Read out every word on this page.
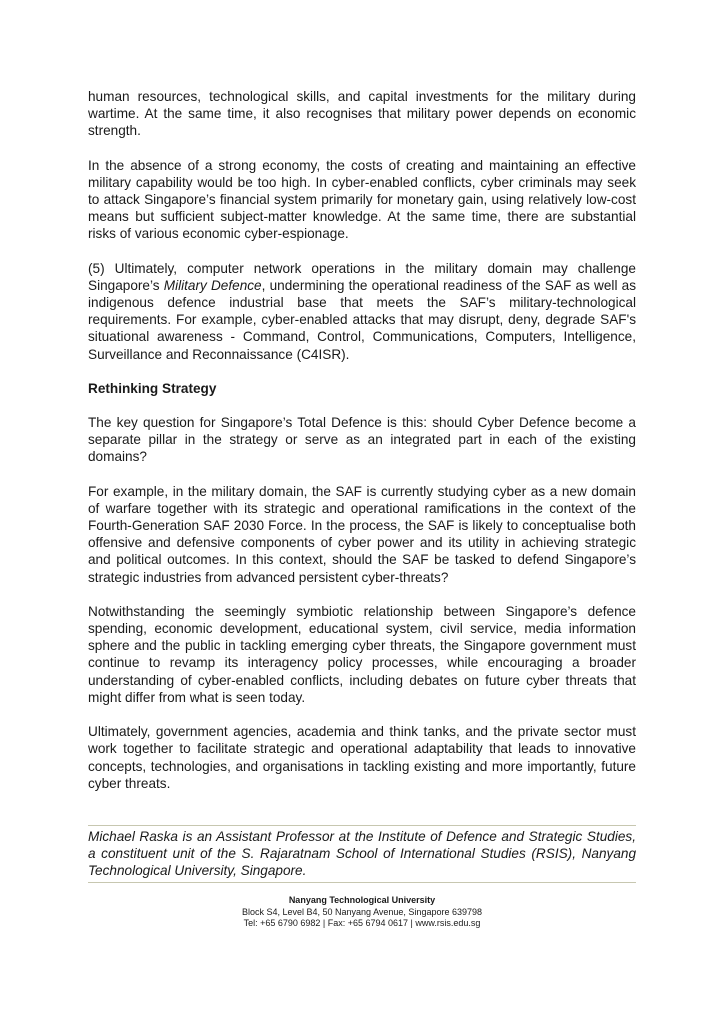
human resources, technological skills, and capital investments for the military during wartime. At the same time, it also recognises that military power depends on economic strength.

In the absence of a strong economy, the costs of creating and maintaining an effective military capability would be too high. In cyber-enabled conflicts, cyber criminals may seek to attack Singapore’s financial system primarily for monetary gain, using relatively low-cost means but sufficient subject-matter knowledge. At the same time, there are substantial risks of various economic cyber-espionage.

(5) Ultimately, computer network operations in the military domain may challenge Singapore’s Military Defence, undermining the operational readiness of the SAF as well as indigenous defence industrial base that meets the SAF’s military-technological requirements. For example, cyber-enabled attacks that may disrupt, deny, degrade SAF's situational awareness - Command, Control, Communications, Computers, Intelligence, Surveillance and Reconnaissance (C4ISR).

Rethinking Strategy

The key question for Singapore’s Total Defence is this: should Cyber Defence become a separate pillar in the strategy or serve as an integrated part in each of the existing domains?

For example, in the military domain, the SAF is currently studying cyber as a new domain of warfare together with its strategic and operational ramifications in the context of the Fourth-Generation SAF 2030 Force. In the process, the SAF is likely to conceptualise both offensive and defensive components of cyber power and its utility in achieving strategic and political outcomes. In this context, should the SAF be tasked to defend Singapore’s strategic industries from advanced persistent cyber-threats?

Notwithstanding the seemingly symbiotic relationship between Singapore’s defence spending, economic development, educational system, civil service, media information sphere and the public in tackling emerging cyber threats, the Singapore government must continue to revamp its interagency policy processes, while encouraging a broader understanding of cyber-enabled conflicts, including debates on future cyber threats that might differ from what is seen today.

Ultimately, government agencies, academia and think tanks, and the private sector must work together to facilitate strategic and operational adaptability that leads to innovative concepts, technologies, and organisations in tackling existing and more importantly, future cyber threats.

Michael Raska is an Assistant Professor at the Institute of Defence and Strategic Studies, a constituent unit of the S. Rajaratnam School of International Studies (RSIS), Nanyang Technological University, Singapore.

Nanyang Technological University
Block S4, Level B4, 50 Nanyang Avenue, Singapore 639798
Tel: +65 6790 6982 | Fax: +65 6794 0617 | www.rsis.edu.sg
